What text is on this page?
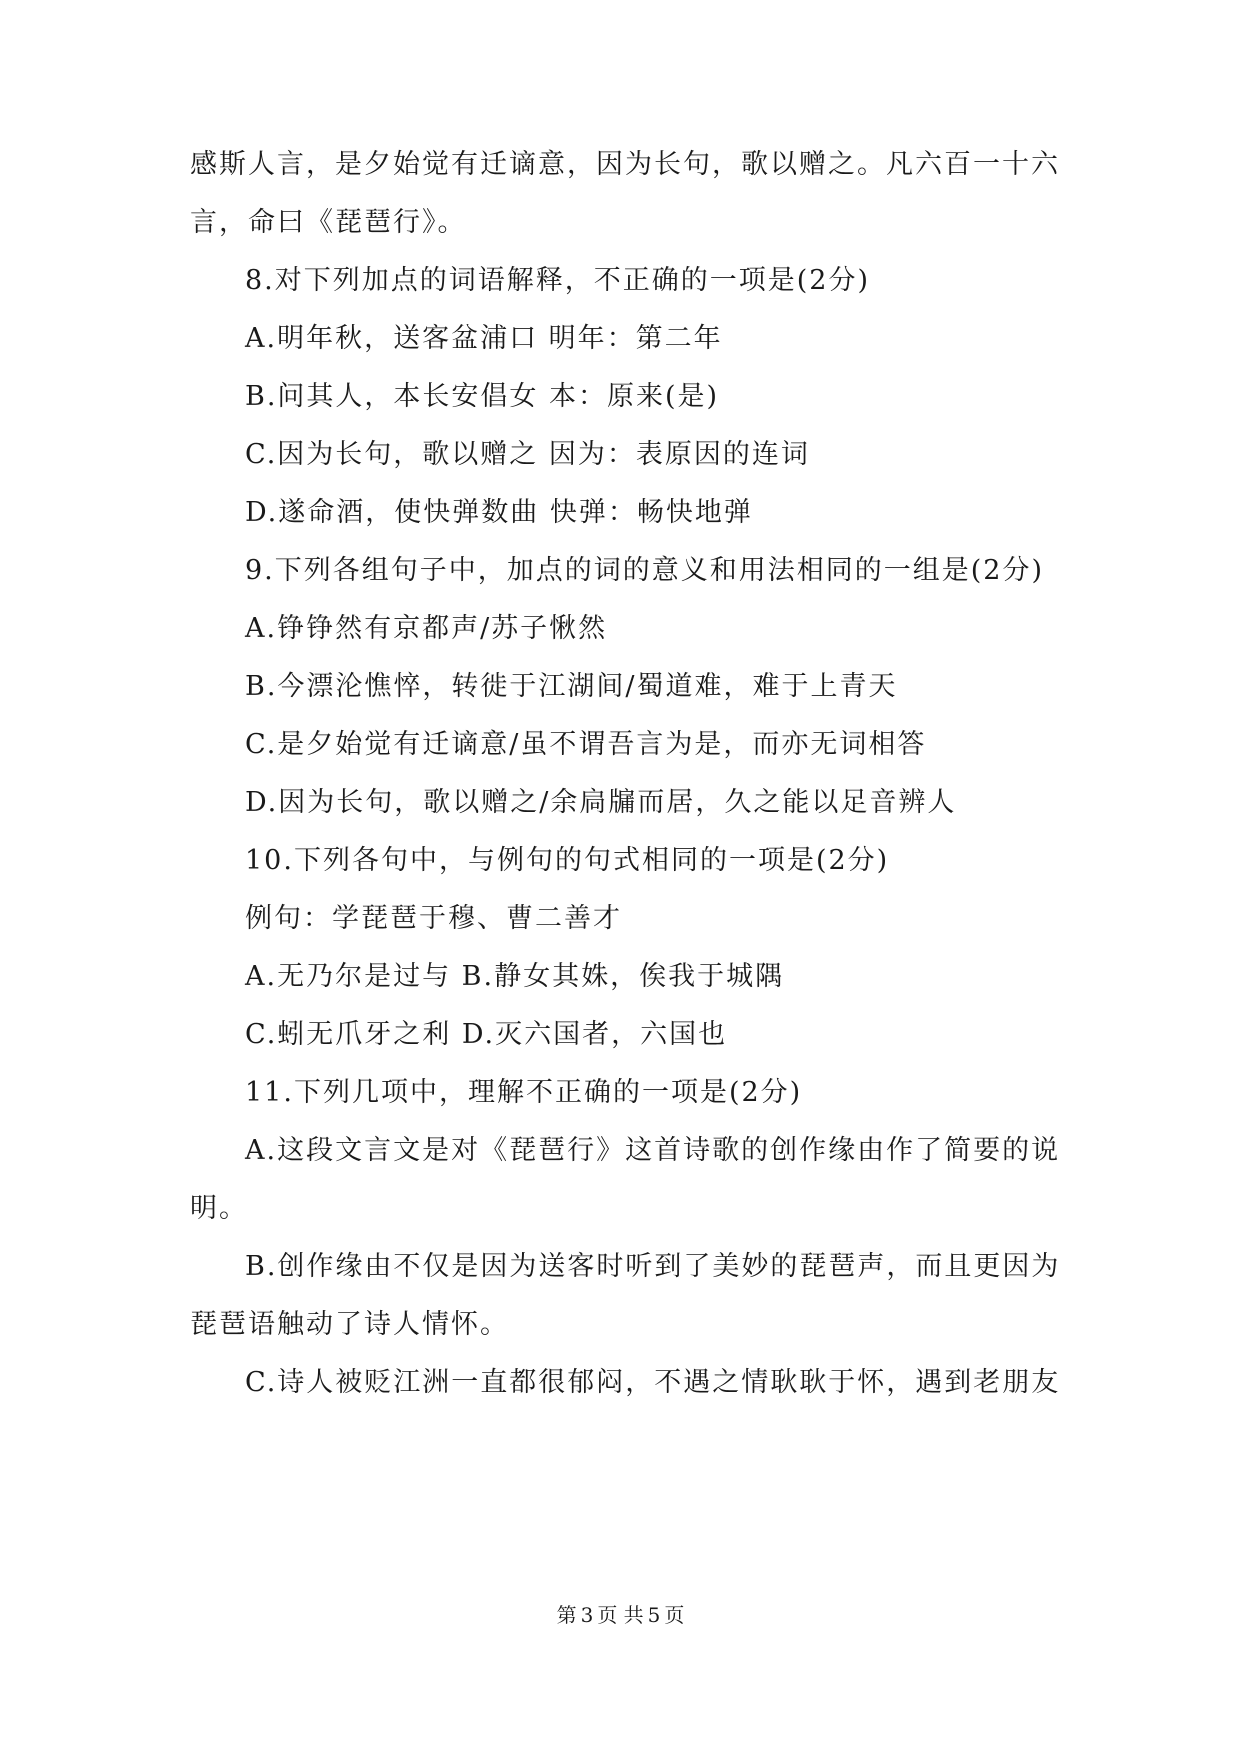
感斯人言，是夕始觉有迁谪意，因为长句，歌以赠之。凡六百一十六
言，命曰《琵琶行》。
8.对下列加点的词语解释，不正确的一项是(2分)
A.明年秋，送客盆浦口 明年：第二年
B.问其人，本长安倡女 本：原来(是)
C.因为长句，歌以赠之 因为：表原因的连词
D.遂命酒，使快弹数曲 快弹：畅快地弹
9.下列各组句子中，加点的词的意义和用法相同的一组是(2分)
A.铮铮然有京都声/苏子愀然
B.今漂沦憔悴，转徙于江湖间/蜀道难，难于上青天
C.是夕始觉有迁谪意/虽不谓吾言为是，而亦无词相答
D.因为长句，歌以赠之/余扃牖而居，久之能以足音辨人
10.下列各句中，与例句的句式相同的一项是(2分)
例句：学琵琶于穆、曹二善才
A.无乃尔是过与 B.静女其姝，俟我于城隅
C.蚓无爪牙之利 D.灭六国者，六国也
11.下列几项中，理解不正确的一项是(2分)
A.这段文言文是对《琵琶行》这首诗歌的创作缘由作了简要的说
明。
B.创作缘由不仅是因为送客时听到了美妙的琵琶声，而且更因为
琵琶语触动了诗人情怀。
C.诗人被贬江洲一直都很郁闷，不遇之情耿耿于怀，遇到老朋友
第 3 页 共 5 页
